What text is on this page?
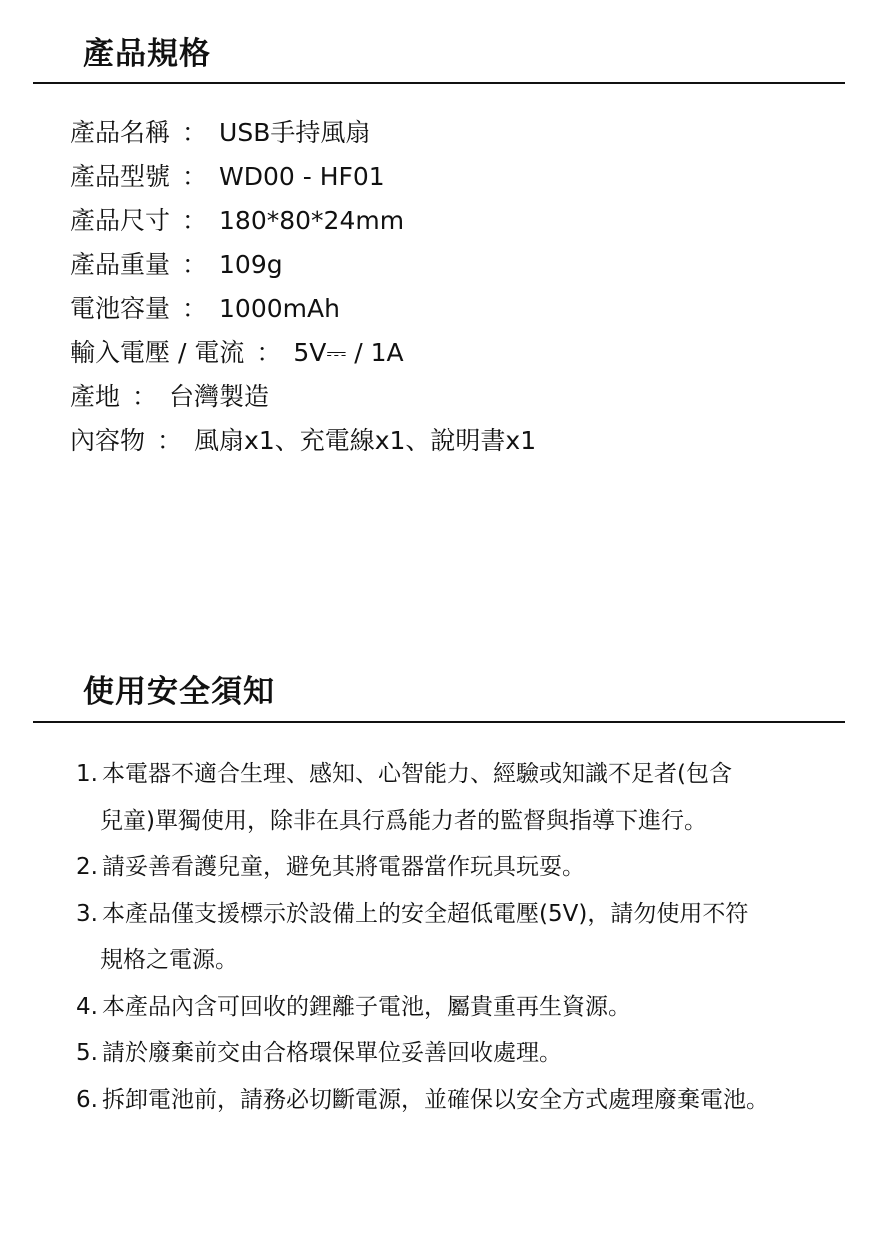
產品規格
產品名稱 ： USB手持風扇
產品型號 ： WD00 - HF01
產品尺寸 ： 180*80*24mm
產品重量 ： 109g
電池容量 ： 1000mAh
輸入電壓 / 電流 ： 5V⎓ / 1A
產地 ： 台灣製造
內容物 ： 風扇x1、充電線x1、說明書x1
使用安全須知
1. 本電器不適合生理、感知、心智能力、經驗或知識不足者(包含
兒童)單獨使用，除非在具行爲能力者的監督與指導下進行。
2. 請妥善看護兒童，避免其將電器當作玩具玩耍。
3. 本產品僅支援標示於設備上的安全超低電壓(5V)，請勿使用不符
規格之電源。
4. 本產品內含可回收的鋰離子電池，屬貴重再生資源。
5. 請於廢棄前交由合格環保單位妥善回收處理。
6. 拆卸電池前，請務必切斷電源，並確保以安全方式處理廢棄電池。
